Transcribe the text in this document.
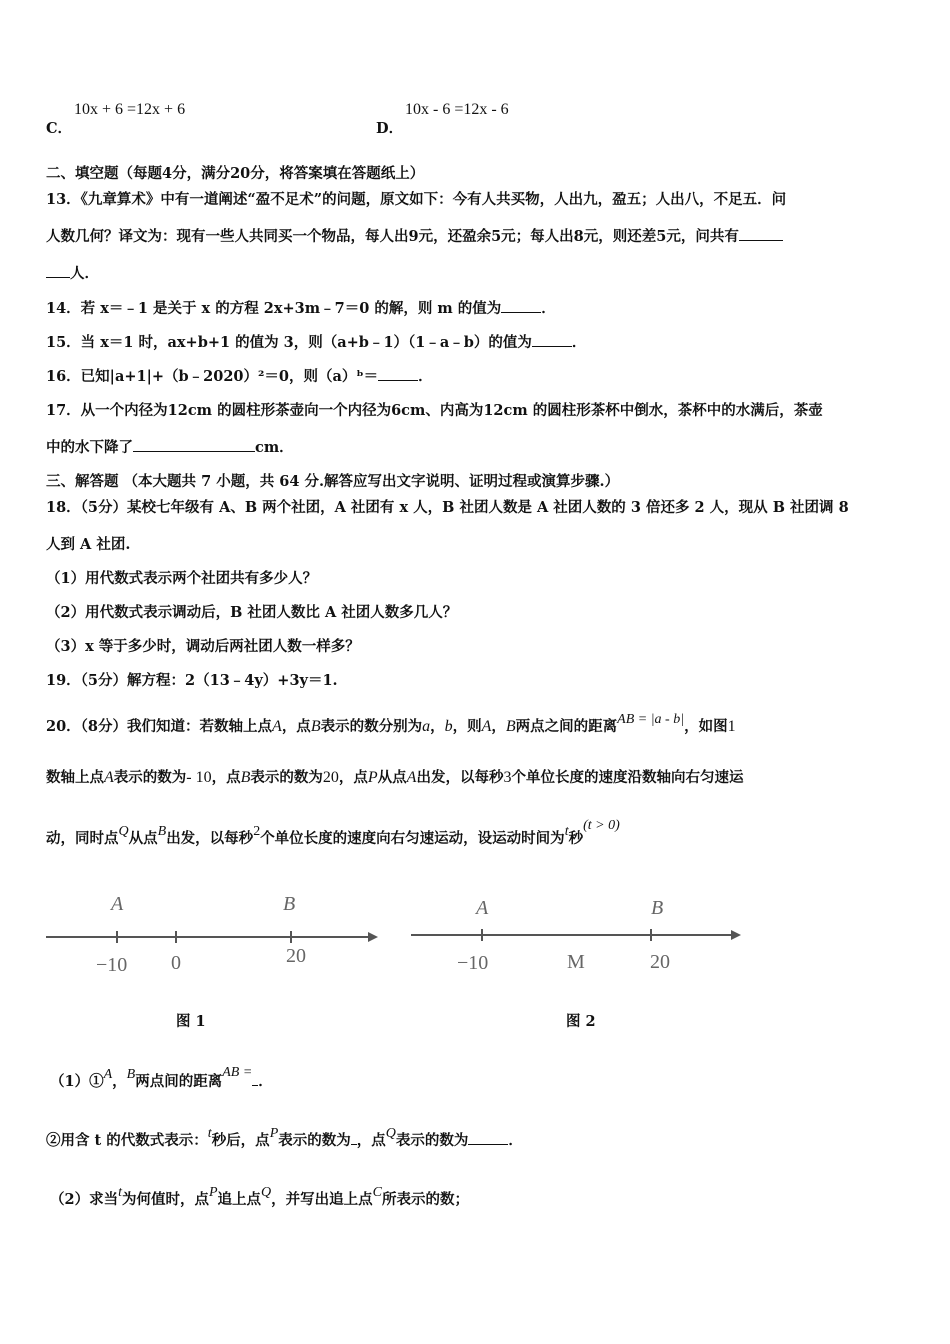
C．
10x + 6 =12x + 6
D．
10x - 6 =12x - 6
二、填空题（每题4分，满分20分，将答案填在答题纸上）
13．《九章算术》中有一道阐述“盈不足术”的问题，原文如下：今有人共买物，人出九，盈五；人出八，不足五．问
人数几何？译文为：现有一些人共同买一个物品，每人出9元，还盈余5元；每人出8元，则还差5元，问共有
人．
14．若 x＝﹣1 是关于 x 的方程 2x+3m﹣7＝0 的解，则 m 的值为	．
15．当 x＝1 时，ax+b+1 的值为 3，则（a+b﹣1）（1﹣a﹣b）的值为	．
16．已知|a+1|+（b﹣2020）²＝0，则（a）ᵇ＝	．
17．从一个内径为12cm 的圆柱形茶壶向一个内径为6cm、内高为12cm 的圆柱形茶杯中倒水，茶杯中的水满后，茶壶
中的水下降了	cm．
三、解答题 （本大题共 7 小题，共 64 分.解答应写出文字说明、证明过程或演算步骤.）
18．（5分）某校七年级有 A、B 两个社团，A 社团有 x 人，B 社团人数是 A 社团人数的 3 倍还多 2 人，现从 B 社团调 8
人到 A 社团.
（1）用代数式表示两个社团共有多少人？
（2）用代数式表示调动后，B 社团人数比 A 社团人数多几人？
（3）x 等于多少时，调动后两社团人数一样多？
19．（5分）解方程：2（13﹣4y）+3y＝1.
20．（8分）我们知道：若数轴上点A，点B表示的数分别为a，b，则A，B两点之间的距离AB = |a - b|，如图1
数轴上点A表示的数为- 10，点B表示的数为20，点P从点A出发，以每秒3个单位长度的速度沿数轴向右匀速运
动，同时点Q从点B出发，以每秒2个单位长度的速度向右匀速运动，设运动时间为t秒(t > 0)
A	B
−10 0	20
图 1
A	B
−10	M	20
图 2
（1）①A，B两点间的距离AB =．
②用含 t 的代数式表示：t秒后，点P表示的数为 ，点Q表示的数为	．
（2）求当t为何值时，点P追上点Q，并写出追上点C所表示的数；
